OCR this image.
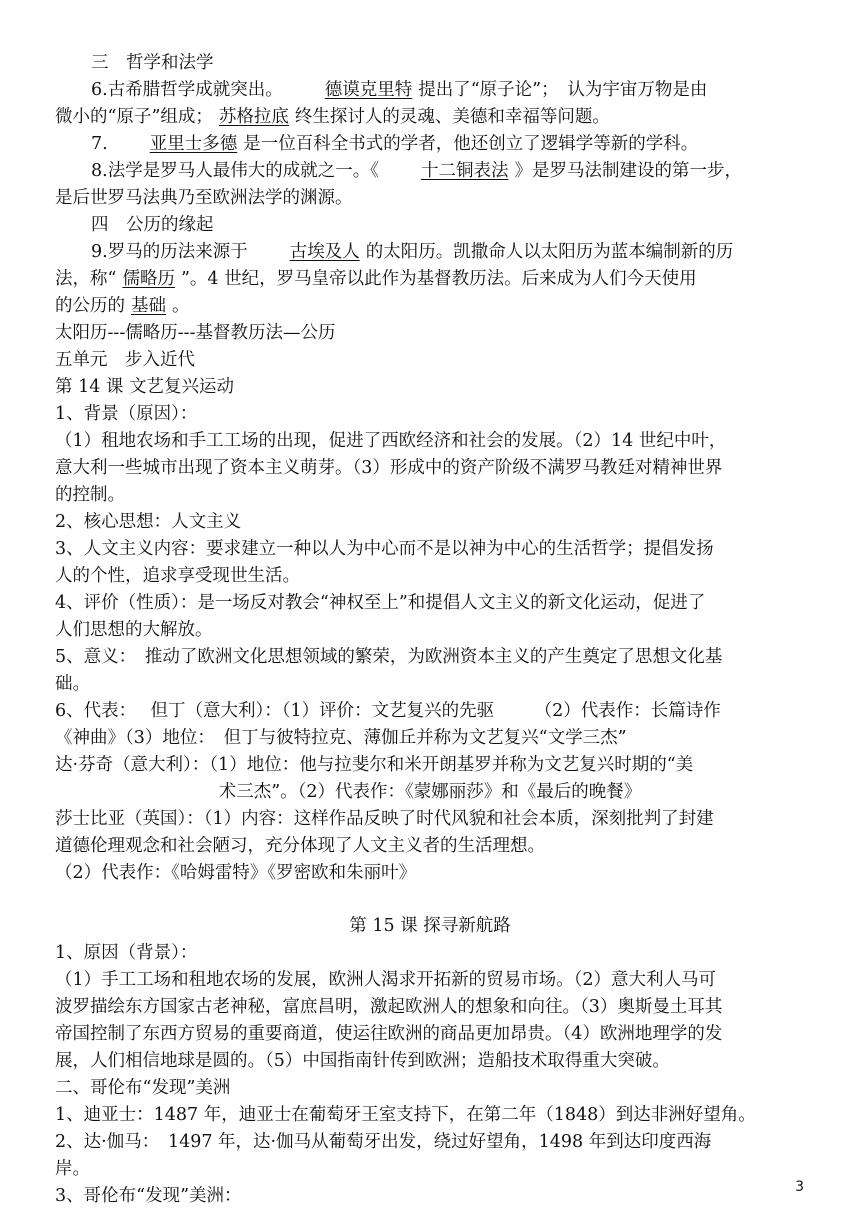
三　哲学和法学
6.古希腊哲学成就突出。 德谟克里特 提出了“原子论”；　认为宇宙万物是由
微小的“原子”组成； 苏格拉底 终生探讨人的灵魂、美德和幸福等问题。
7. 亚里士多德 是一位百科全书式的学者，他还创立了逻辑学等新的学科。
8.法学是罗马人最伟大的成就之一。《 十二铜表法 》是罗马法制建设的第一步，
是后世罗马法典乃至欧洲法学的渊源。
四　公历的缘起
9.罗马的历法来源于 古埃及人 的太阳历。凯撒命人以太阳历为蓝本编制新的历
法，称“ 儒略历 ”。4 世纪，罗马皇帝以此作为基督教历法。后来成为人们今天使用
的公历的 基础 。
太阳历---儒略历---基督教历法—公历
五单元　步入近代
第 14 课 文艺复兴运动
1、背景（原因）：
（1）租地农场和手工工场的出现，促进了西欧经济和社会的发展。（2）14 世纪中叶，
意大利一些城市出现了资本主义萌芽。（3）形成中的资产阶级不满罗马教廷对精神世界
的控制。
2、核心思想：人文主义
3、人文主义内容：要求建立一种以人为中心而不是以神为中心的生活哲学；提倡发扬
人的个性，追求享受现世生活。
4、评价（性质）：是一场反对教会“神权至上”和提倡人文主义的新文化运动，促进了
人们思想的大解放。
5、意义：　推动了欧洲文化思想领域的繁荣，为欧洲资本主义的产生奠定了思想文化基
础。
6、代表：　 但丁（意大利）：（1）评价：文艺复兴的先驱　　 （2）代表作：长篇诗作
《神曲》（3）地位：　但丁与彼特拉克、薄伽丘并称为文艺复兴“文学三杰”
达·芬奇（意大利）：（1）地位：他与拉斐尔和米开朗基罗并称为文艺复兴时期的“美
术三杰”。（2）代表作：《蒙娜丽莎》和《最后的晚餐》
莎士比亚（英国）：（1）内容：这样作品反映了时代风貌和社会本质，深刻批判了封建
道德伦理观念和社会陋习，充分体现了人文主义者的生活理想。
（2）代表作：《哈姆雷特》《罗密欧和朱丽叶》
第 15 课 探寻新航路
1、原因（背景）：
（1）手工工场和租地农场的发展，欧洲人渴求开拓新的贸易市场。（2）意大利人马可
波罗描绘东方国家古老神秘，富庶昌明，激起欧洲人的想象和向往。（3）奥斯曼土耳其
帝国控制了东西方贸易的重要商道，使运往欧洲的商品更加昂贵。（4）欧洲地理学的发
展，人们相信地球是圆的。（5）中国指南针传到欧洲；造船技术取得重大突破。
二、哥伦布“发现”美洲
1、迪亚士：1487 年，迪亚士在葡萄牙王室支持下，在第二年（1848）到达非洲好望角。
2、达·伽马：　1497 年，达·伽马从葡萄牙出发，绕过好望角，1498 年到达印度西海
岸。
3、哥伦布“发现”美洲：	3
